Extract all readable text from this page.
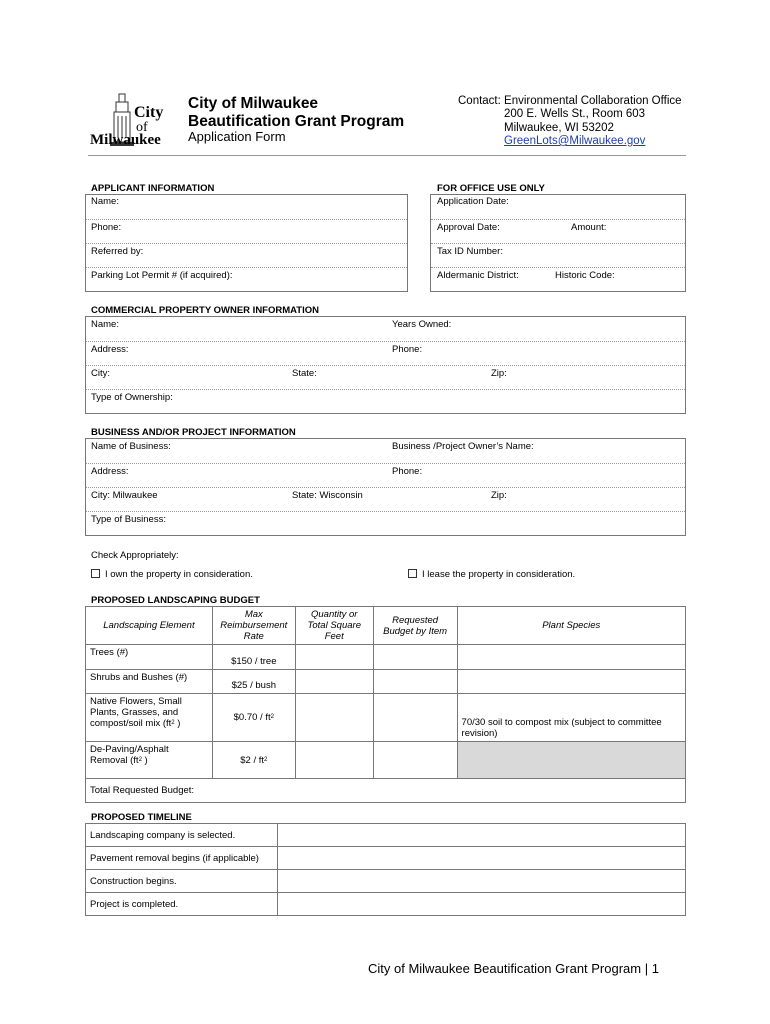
City
of
Milwaukee
City of Milwaukee
Beautification Grant Program
Application Form
Contact: Environmental Collaboration Office
200 E. Wells St., Room 603
Milwaukee, WI 53202
GreenLots@Milwaukee.gov
APPLICANT INFORMATION
Name:
Phone:
Referred by:
Parking Lot Permit # (if acquired):
FOR OFFICE USE ONLY
Application Date:
Approval Date:	Amount:
Tax ID Number:
Aldermanic District:	Historic Code:
COMMERCIAL PROPERTY OWNER INFORMATION
Name:	Years Owned:
Address:	Phone:
City:	State:	Zip:
Type of Ownership:
BUSINESS AND/OR PROJECT INFORMATION
Name of Business:	Business /Project Owner’s Name:
Address:	Phone:
City: Milwaukee	State: Wisconsin	Zip:
Type of Business:
Check Appropriately:
I own the property in consideration.	I lease the property in consideration.
PROPOSED LANDSCAPING BUDGET
Landscaping Element	Max Reimbursement Rate	Quantity or Total Square Feet	Requested Budget by Item	Plant Species
Trees (#)	$150 / tree			
Shrubs and Bushes (#)	$25 / bush			
Native Flowers, Small Plants, Grasses, and compost/soil mix ($ft^2$ )	$0.70 / $ft^2$			70/30 soil to compost mix (subject to committee revision)
De-Paving/Asphalt Removal ($ft^2$ )	$2 / $ft^2$			
Total Requested Budget:				
PROPOSED TIMELINE
Landscaping company is selected.	
Pavement removal begins (if applicable)	
Construction begins.	
Project is completed.	
City of Milwaukee Beautification Grant Program | 1
